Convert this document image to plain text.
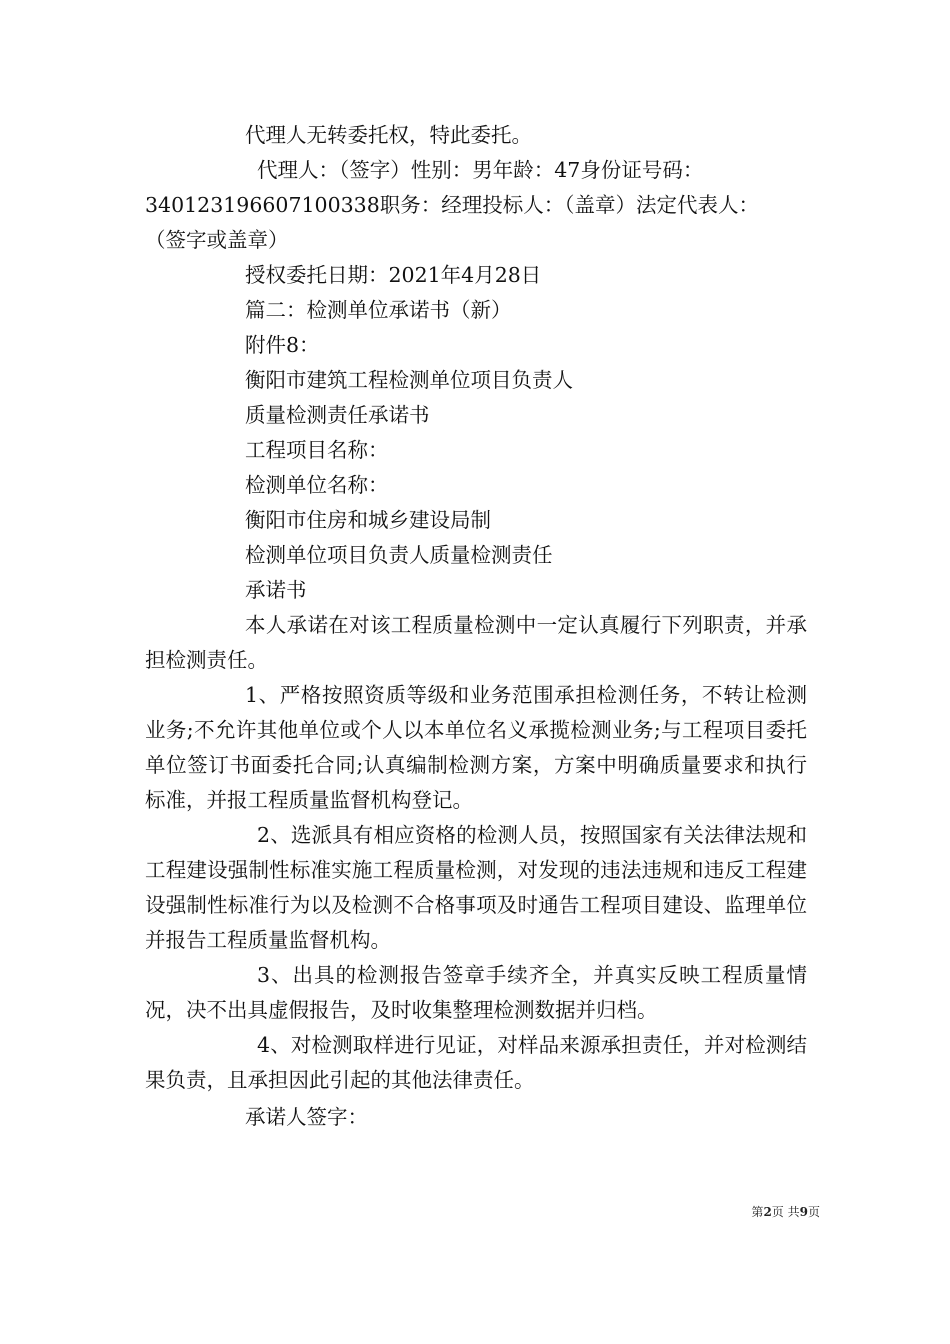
代理人无转委托权，特此委托。
代理人：（签字）性别：男年龄：47身份证号码：
340123196607100338职务：经理投标人：（盖章）法定代表人：
（签字或盖章）
授权委托日期：2021年4月28日
篇二：检测单位承诺书（新）
附件8：
衡阳市建筑工程检测单位项目负责人
质量检测责任承诺书
工程项目名称：
检测单位名称：
衡阳市住房和城乡建设局制
检测单位项目负责人质量检测责任
承诺书
本人承诺在对该工程质量检测中一定认真履行下列职责，并承担检测责任。
1、严格按照资质等级和业务范围承担检测任务，不转让检测业务;不允许其他单位或个人以本单位名义承揽检测业务;与工程项目委托单位签订书面委托合同;认真编制检测方案，方案中明确质量要求和执行标准，并报工程质量监督机构登记。
2、选派具有相应资格的检测人员，按照国家有关法律法规和工程建设强制性标准实施工程质量检测，对发现的违法违规和违反工程建设强制性标准行为以及检测不合格事项及时通告工程项目建设、监理单位并报告工程质量监督机构。
3、出具的检测报告签章手续齐全，并真实反映工程质量情况，决不出具虚假报告，及时收集整理检测数据并归档。
4、对检测取样进行见证，对样品来源承担责任，并对检测结果负责，且承担因此引起的其他法律责任。
承诺人签字：
第2页 共9页
